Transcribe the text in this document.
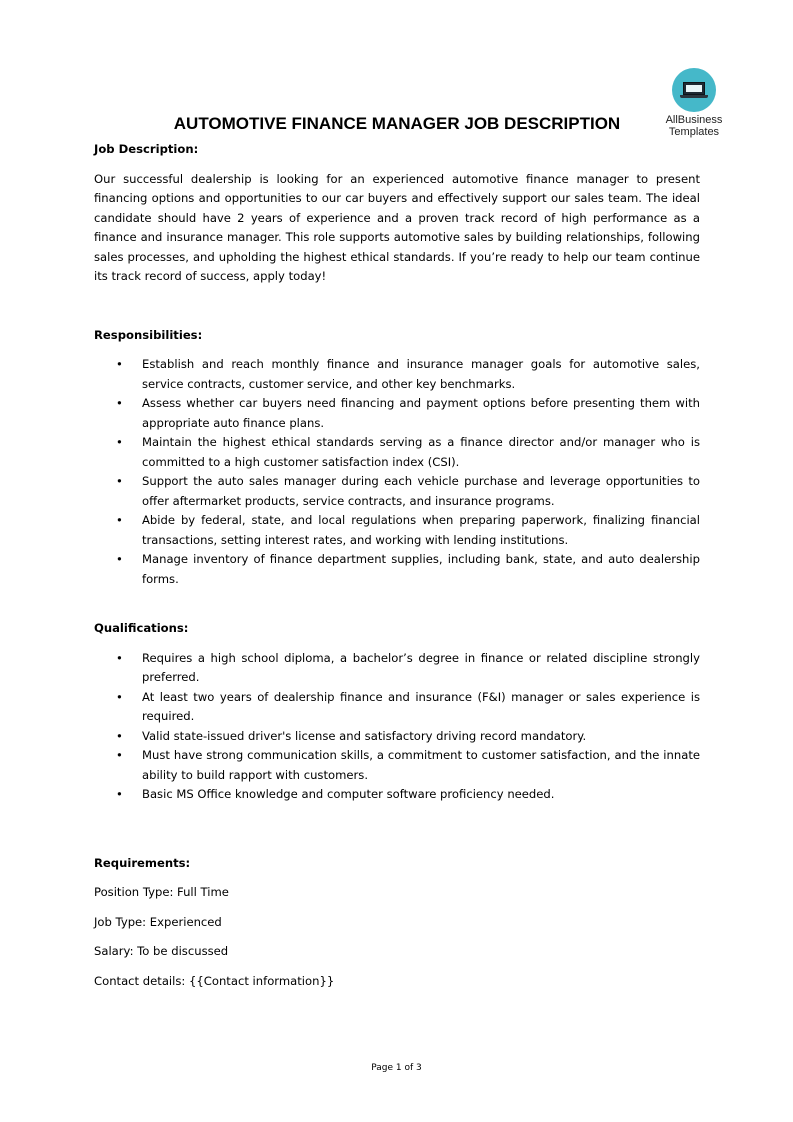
AllBusiness
Templates
AUTOMOTIVE FINANCE MANAGER JOB DESCRIPTION

Job Description:

Our successful dealership is looking for an experienced automotive finance manager to present financing options and opportunities to our car buyers and effectively support our sales team. The ideal candidate should have 2 years of experience and a proven track record of high performance as a finance and insurance manager. This role supports automotive sales by building relationships, following sales processes, and upholding the highest ethical standards. If you’re ready to help our team continue its track record of success, apply today!

Responsibilities:

• Establish and reach monthly finance and insurance manager goals for automotive sales, service contracts, customer service, and other key benchmarks.
• Assess whether car buyers need financing and payment options before presenting them with appropriate auto finance plans.
• Maintain the highest ethical standards serving as a finance director and/or manager who is committed to a high customer satisfaction index (CSI).
• Support the auto sales manager during each vehicle purchase and leverage opportunities to offer aftermarket products, service contracts, and insurance programs.
• Abide by federal, state, and local regulations when preparing paperwork, finalizing financial transactions, setting interest rates, and working with lending institutions.
• Manage inventory of finance department supplies, including bank, state, and auto dealership forms.

Qualifications:

• Requires a high school diploma, a bachelor’s degree in finance or related discipline strongly preferred.
• At least two years of dealership finance and insurance (F&I) manager or sales experience is required.
• Valid state-issued driver's license and satisfactory driving record mandatory.
• Must have strong communication skills, a commitment to customer satisfaction, and the innate ability to build rapport with customers.
• Basic MS Office knowledge and computer software proficiency needed.

Requirements:

Position Type: Full Time

Job Type: Experienced

Salary: To be discussed

Contact details: {{Contact information}}

Page 1 of 3
